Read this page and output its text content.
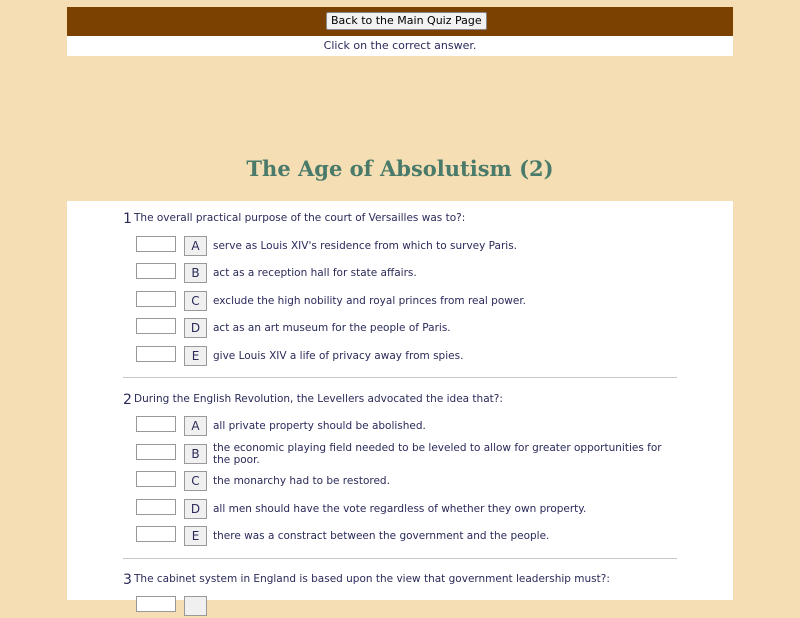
Back to the Main Quiz Page
Click on the correct answer.
The Age of Absolutism (2)
1 The overall practical purpose of the court of Versailles was to?:
A	serve as Louis XIV's residence from which to survey Paris.
B	act as a reception hall for state affairs.
C	exclude the high nobility and royal princes from real power.
D	act as an art museum for the people of Paris.
E	give Louis XIV a life of privacy away from spies.
2 During the English Revolution, the Levellers advocated the idea that?:
A	all private property should be abolished.
B	the economic playing field needed to be leveled to allow for greater opportunities for the poor.
C	the monarchy had to be restored.
D	all men should have the vote regardless of whether they own property.
E	there was a constract between the government and the people.
3 The cabinet system in England is based upon the view that government leadership must?:
